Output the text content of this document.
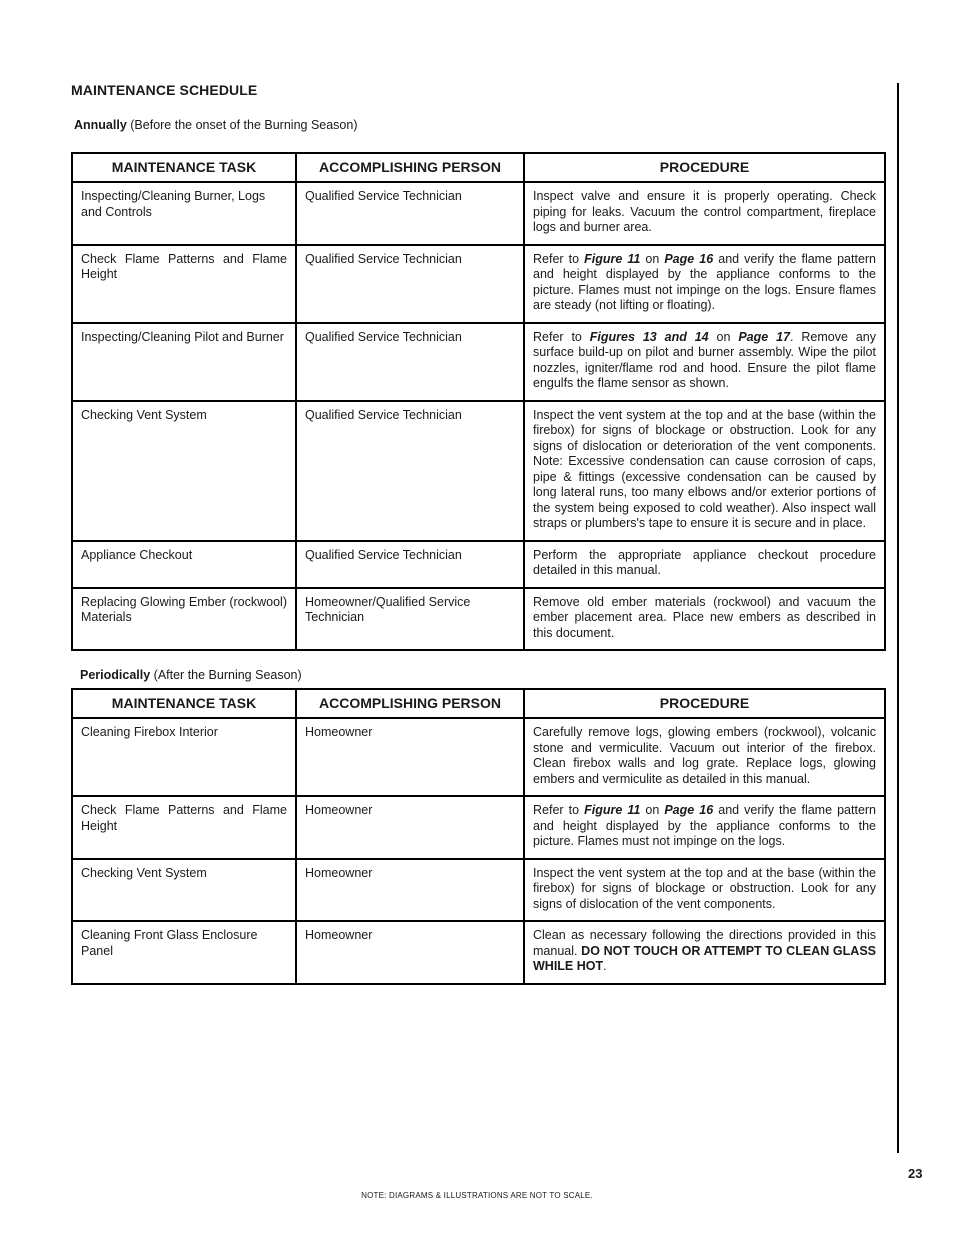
MAINTENANCE SCHEDULE
Annually (Before the onset of the Burning Season)
MAINTENANCE TASK	ACCOMPLISHING PERSON	PROCEDURE
Inspecting/Cleaning Burner, Logs and Controls	Qualified Service Technician	Inspect valve and ensure it is properly operating. Check piping for leaks. Vacuum the control compartment, fireplace logs and burner area.
Check Flame Patterns and Flame Height	Qualified Service Technician	Refer to Figure 11 on Page 16 and verify the flame pattern and height displayed by the appliance conforms to the picture. Flames must not impinge on the logs. Ensure flames are steady (not lifting or floating).
Inspecting/Cleaning Pilot and Burner	Qualified Service Technician	Refer to Figures 13 and 14 on Page 17. Remove any surface build-up on pilot and burner assembly. Wipe the pilot nozzles, igniter/flame rod and hood. Ensure the pilot flame engulfs the flame sensor as shown.
Checking Vent System	Qualified Service Technician	Inspect the vent system at the top and at the base (within the firebox) for signs of blockage or obstruction. Look for any signs of dislocation or deterioration of the vent components. Note: Excessive condensation can cause corrosion of caps, pipe & fittings (excessive condensation can be caused by long lateral runs, too many elbows and/or exterior portions of the system being exposed to cold weather). Also inspect wall straps or plumbers's tape to ensure it is secure and in place.
Appliance Checkout	Qualified Service Technician	Perform the appropriate appliance checkout procedure detailed in this manual.
Replacing Glowing Ember (rockwool) Materials	Homeowner/Qualified Service Technician	Remove old ember materials (rockwool) and vacuum the ember placement area. Place new embers as described in this document.
Periodically (After the Burning Season)
MAINTENANCE TASK	ACCOMPLISHING PERSON	PROCEDURE
Cleaning Firebox Interior	Homeowner	Carefully remove logs, glowing embers (rockwool), volcanic stone and vermiculite. Vacuum out interior of the firebox. Clean firebox walls and log grate. Replace logs, glowing embers and vermiculite as detailed in this manual.
Check Flame Patterns and Flame Height	Homeowner	Refer to Figure 11 on Page 16 and verify the flame pattern and height displayed by the appliance conforms to the picture. Flames must not impinge on the logs.
Checking Vent System	Homeowner	Inspect the vent system at the top and at the base (within the firebox) for signs of blockage or obstruction. Look for any signs of dislocation of the vent components.
Cleaning Front Glass Enclosure Panel	Homeowner	Clean as necessary following the directions provided in this manual. DO NOT TOUCH OR ATTEMPT TO CLEAN GLASS WHILE HOT.
23
NOTE: DIAGRAMS & ILLUSTRATIONS ARE NOT TO SCALE.
